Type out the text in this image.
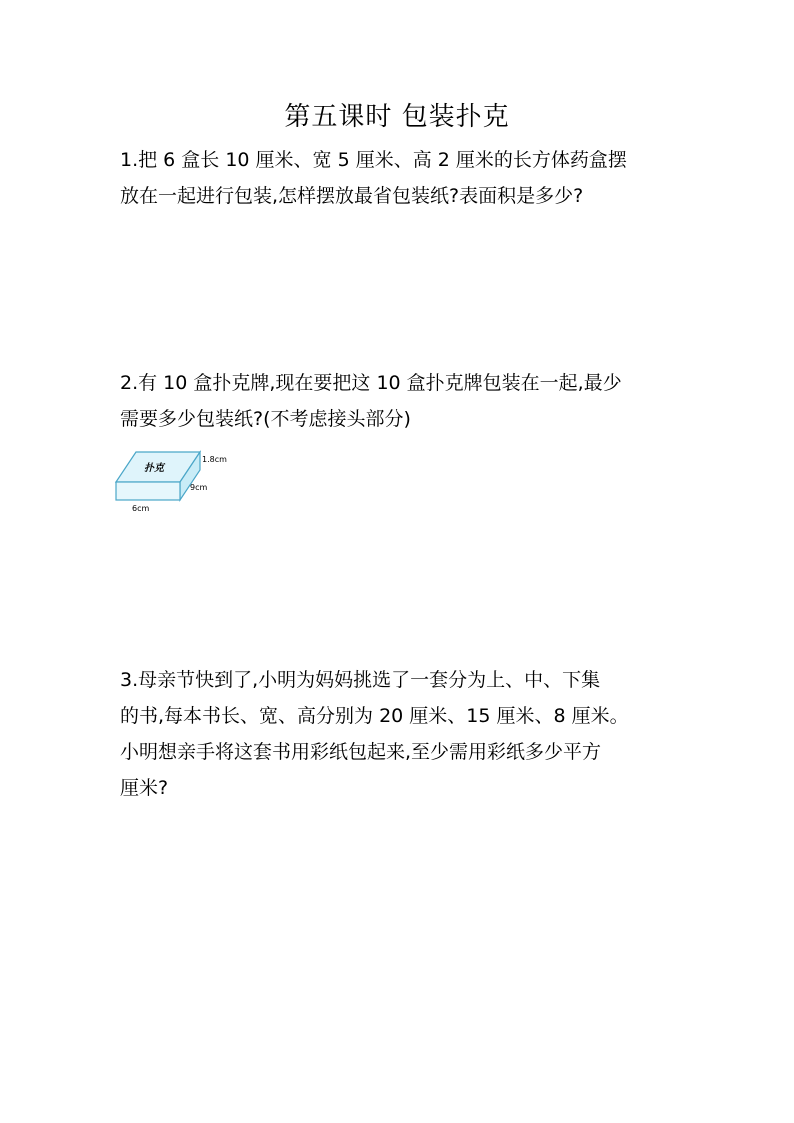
第五课时 包装扑克

1.把 6 盒长 10 厘米、宽 5 厘米、高 2 厘米的长方体药盒摆

放在一起进行包装,怎样摆放最省包装纸?表面积是多少?

2.有 10 盒扑克牌,现在要把这 10 盒扑克牌包装在一起,最少

需要多少包装纸?(不考虑接头部分)

扑克
1.8cm
9cm
6cm

3.母亲节快到了,小明为妈妈挑选了一套分为上、中、下集

的书,每本书长、宽、高分别为 20 厘米、15 厘米、8 厘米。

小明想亲手将这套书用彩纸包起来,至少需用彩纸多少平方

厘米?
